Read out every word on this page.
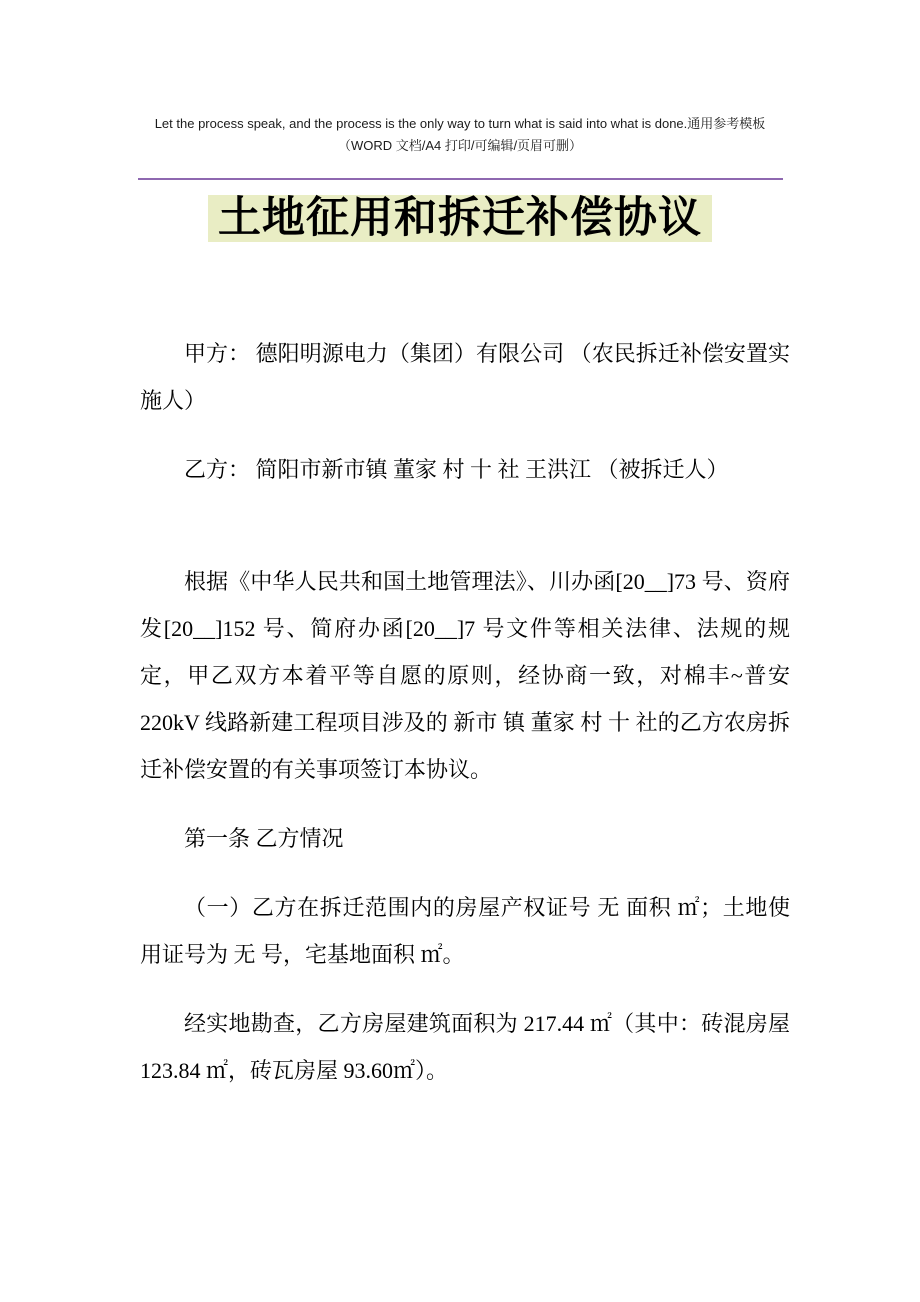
Let the process speak, and the process is the only way to turn what is said into what is done.通用参考模板

（WORD 文档/A4 打印/可编辑/页眉可删）

土地征用和拆迁补偿协议

甲方： 德阳明源电力（集团）有限公司 （农民拆迁补偿安置实施人）

乙方： 简阳市新市镇 董家 村 十 社 王洪江 （被拆迁人）

根据《中华人民共和国土地管理法》、川办函[20__]73 号、资府发[20__]152 号、简府办函[20__]7 号文件等相关法律、法规的规定，甲乙双方本着平等自愿的原则，经协商一致，对棉丰~普安 220kV 线路新建工程项目涉及的 新市 镇 董家 村 十 社的乙方农房拆迁补偿安置的有关事项签订本协议。

第一条 乙方情况

（一）乙方在拆迁范围内的房屋产权证号 无 面积 ㎡；土地使用证号为 无 号，宅基地面积 ㎡。

经实地勘查，乙方房屋建筑面积为 217.44 ㎡（其中：砖混房屋 123.84 ㎡，砖瓦房屋 93.60㎡）。
